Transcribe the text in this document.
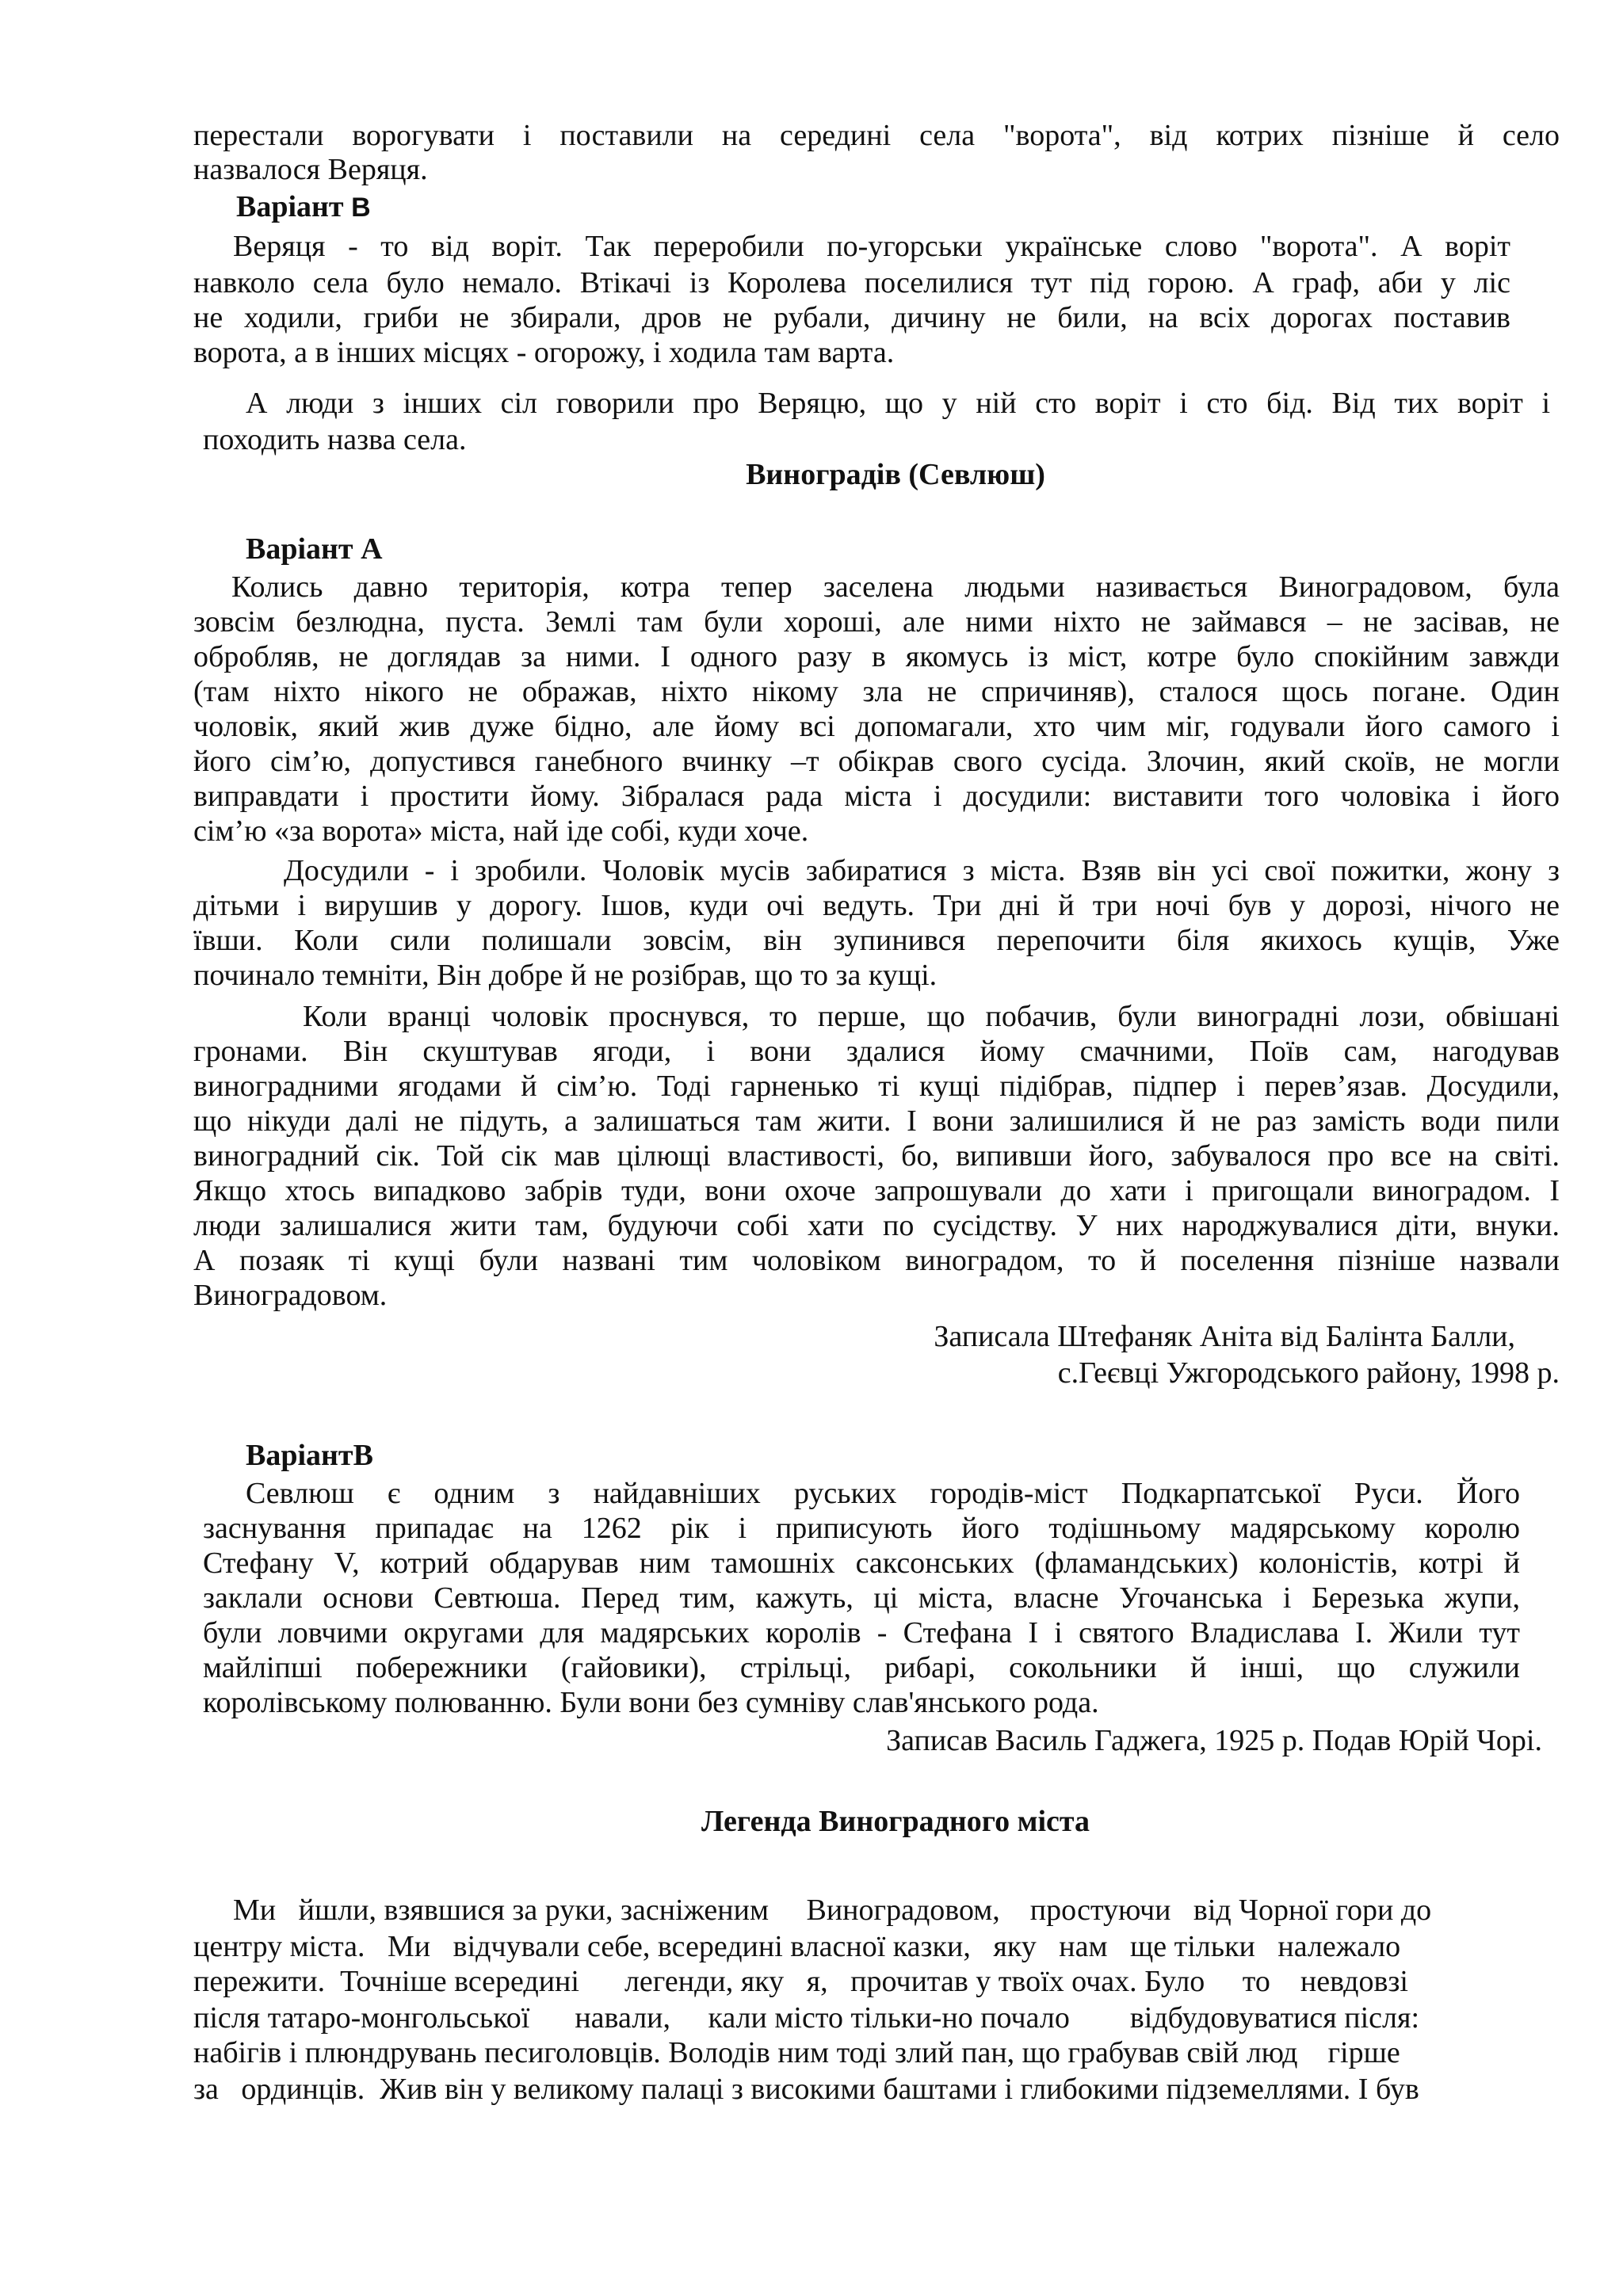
перестали ворогувати і поставили на середині села "ворота", від котрих пізніше й село

назвалося Веряця.

Варіант В

Веряця - то від воріт. Так переробили по-угорськи українське слово "ворота". А воріт

навколо села було немало. Втікачі із Королева поселилися тут під горою. А граф, аби у ліс

не ходили, гриби не збирали, дров не рубали, дичину не били, на всіх дорогах поставив

ворота, а в інших місцях - огорожу, і ходила там варта.

А люди з інших сіл говорили про Веряцю, що у ній сто воріт і сто бід. Від тих воріт і

походить назва села.

Виноградів (Севлюш)

Варіант А

Колись давно територія, котра тепер заселена людьми називається Виноградовом, була

зовсім безлюдна, пуста. Землі там були хороші, але ними ніхто не займався – не засівав, не

обробляв, не доглядав за ними. І одного разу в якомусь із міст, котре було спокійним завжди

(там ніхто нікого не ображав, ніхто нікому зла не спричиняв), сталося щось погане. Один

чоловік, який жив дуже бідно, але йому всі допомагали, хто чим міг, годували його самого і

його сім’ю, допустився ганебного вчинку –т обікрав свого сусіда. Злочин, який скоїв, не могли

виправдати і простити йому. Зібралася рада міста і досудили: виставити того чоловіка і його

сім’ю «за ворота» міста, най іде собі, куди хоче.

Досудили - і зробили. Чоловік мусів забиратися з міста. Взяв він усі свої пожитки, жону з

дітьми і вирушив у дорогу. Ішов, куди очі ведуть. Три дні й три ночі був у дорозі, нічого не

ївши. Коли сили полишали зовсім, він зупинився перепочити біля якихось кущів, Уже

починало темніти, Він добре й не розібрав, що то за кущі.

Коли вранці чоловік проснувся, то перше, що побачив, були виноградні лози, обвішані

гронами. Він скуштував ягоди, і вони здалися йому смачними, Поїв сам, нагодував

виноградними ягодами й сім’ю. Тоді гарненько ті кущі підібрав, підпер і перев’язав. Досудили,

що нікуди далі не підуть, а залишаться там жити. І вони залишилися й не раз замість води пили

виноградний сік. Той сік мав цілющі властивості, бо, випивши його, забувалося про все на світі.

Якщо хтось випадково забрів туди, вони охоче запрошували до хати і пригощали виноградом. І

люди залишалися жити там, будуючи собі хати по сусідству. У них народжувалися діти, внуки.

А позаяк ті кущі були названі тим чоловіком виноградом, то й поселення пізніше назвали

Виноградовом.

Записала Штефаняк Аніта від Балінта Балли,

с.Геєвці Ужгородського району, 1998 р.

ВаріантВ

Севлюш є одним з найдавніших руських городів-міст Подкарпатської Руси. Його

заснування припадає на 1262 рік і приписують його тодішньому мадярському королю

Стефану V, котрий обдарував ним тамошніх саксонських (фламандських) колоністів, котрі й

заклали основи Севтюша. Перед тим, кажуть, ці міста, власне Угочанська і Березька жупи,

були ловчими округами для мадярських королів - Стефана І і святого Владислава І. Жили тут

майліпші побережники (гайовики), стрільці, рибарі, сокольники й інші, що служили

королівському полюванню. Були вони без сумніву слав'янського рода.

Записав Василь Гаджега, 1925 р. Подав Юрій Чорі.

Легенда Виноградного міста

Ми   йшли, взявшися за руки, засніженим     Виноградовом,    простуючи   від Чорної гори до

центру міста.   Ми   відчували себе, всередині власної казки,   яку   нам   ще тільки   належало

пережити.  Точніше всередині      легенди, яку   я,   прочитав у твоїх очах. Було     то    невдовзі

після татаро-монгольської      навали,     кали місто тільки-но почало        відбудовуватися після:

набігів і плюндрувань песиголовців. Володів ним тоді злий пан, що грабував свій люд    гірше

за   ординців.  Жив він у великому палаці з високими баштами і глибокими підземеллями. І був
